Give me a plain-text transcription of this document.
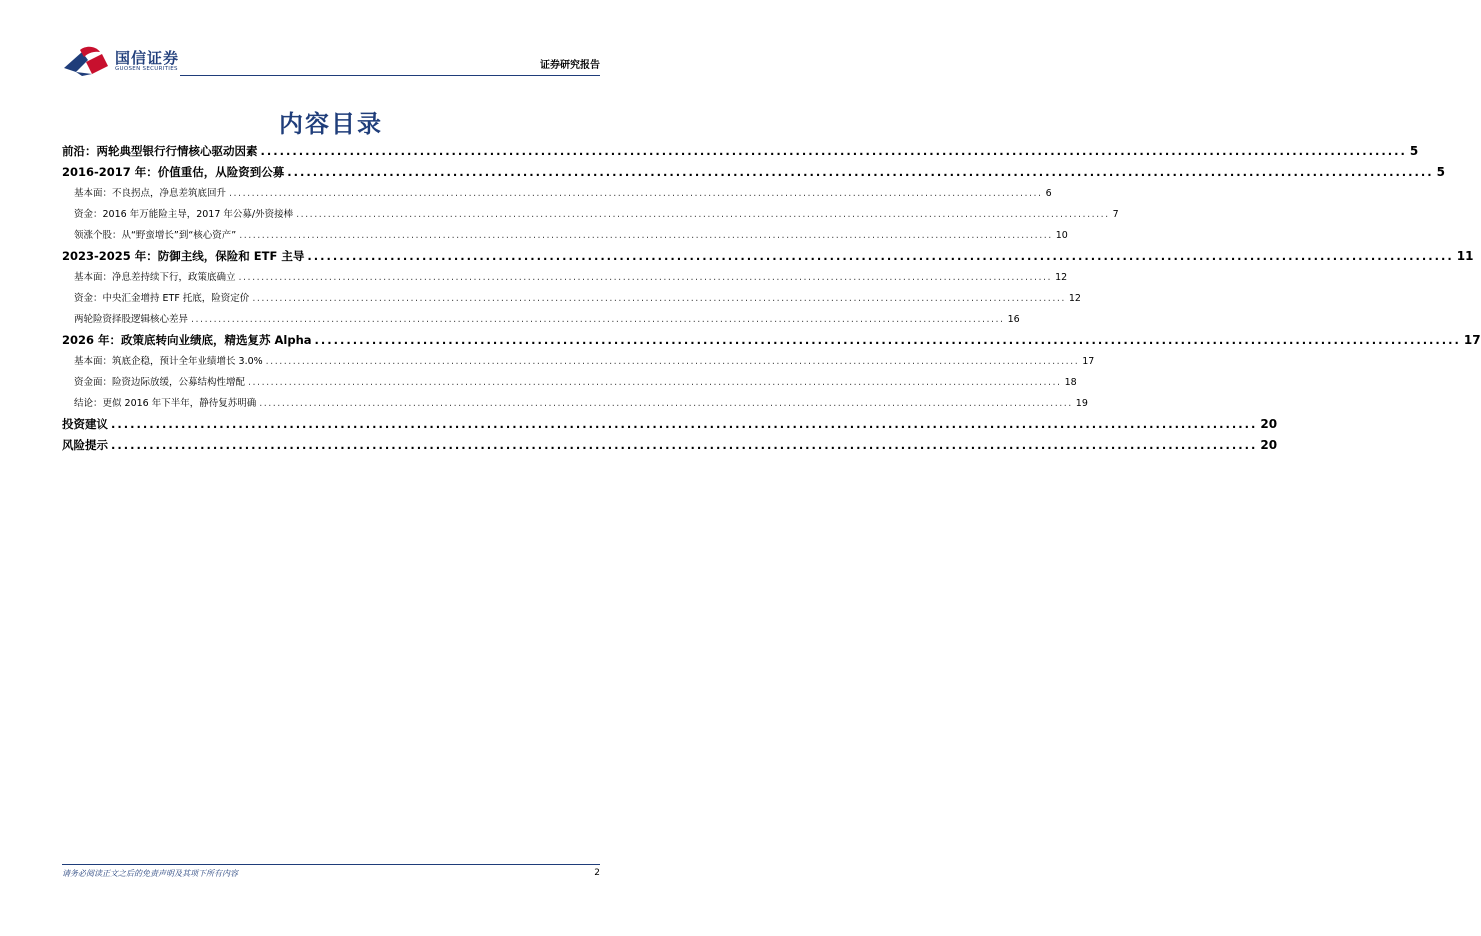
国信证券
GUOSEN SECURITIES	证券研究报告
内容目录
前沿：两轮典型银行行情核心驱动因素 .................................................................................................................................................................................... 5
2016-2017 年：价值重估，从险资到公募 .................................................................................................................................................................................... 5
基本面：不良拐点，净息差筑底回升 .................................................................................................................................................................................... 6
资金：2016 年万能险主导，2017 年公募/外资接棒 .................................................................................................................................................................................... 7
领涨个股：从“野蛮增长”到“核心资产” .................................................................................................................................................................................... 10
2023-2025 年：防御主线，保险和 ETF 主导 .................................................................................................................................................................................... 11
基本面：净息差持续下行，政策底确立 .................................................................................................................................................................................... 12
资金：中央汇金增持 ETF 托底，险资定价 .................................................................................................................................................................................... 12
两轮险资择股逻辑核心差异 .................................................................................................................................................................................... 16
2026 年：政策底转向业绩底，精选复苏 Alpha .................................................................................................................................................................................... 17
基本面：筑底企稳，预计全年业绩增长 3.0% .................................................................................................................................................................................... 17
资金面：险资边际放缓，公募结构性增配 .................................................................................................................................................................................... 18
结论：更似 2016 年下半年，静待复苏明确 .................................................................................................................................................................................... 19
投资建议 .................................................................................................................................................................................... 20
风险提示 .................................................................................................................................................................................... 20
请务必阅读正文之后的免责声明及其项下所有内容	2
